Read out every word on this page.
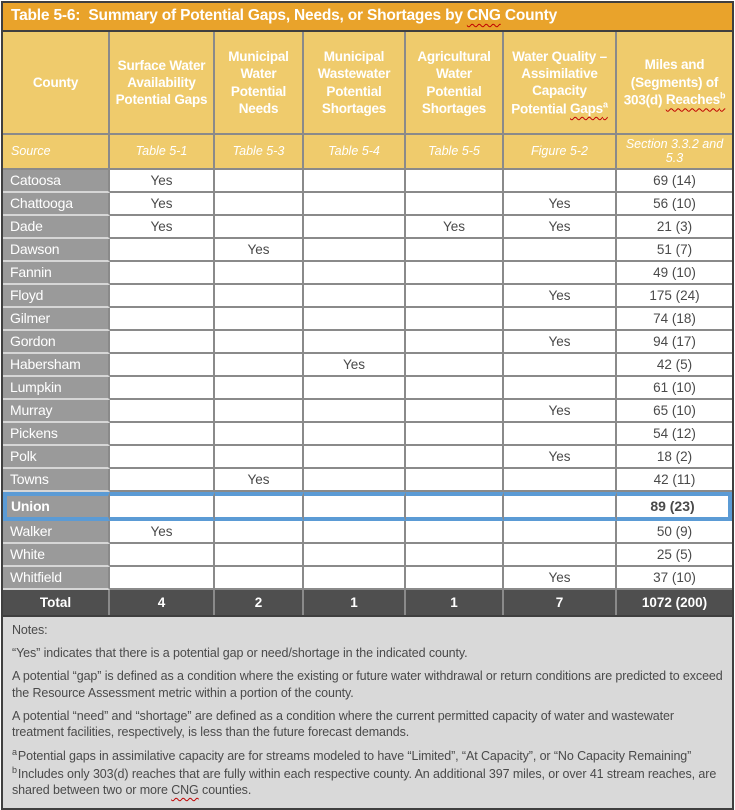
Table 5-6:  Summary of Potential Gaps, Needs, or Shortages by CNG County
County	Surface Water Availability Potential Gaps	Municipal Water Potential Needs	Municipal Wastewater Potential Shortages	Agricultural Water Potential Shortages	Water Quality – Assimilative Capacity Potential Gaps$^a$	Miles and (Segments) of 303(d) Reaches$^b$
Source	Table 5-1	Table 5-3	Table 5-4	Table 5-5	Figure 5-2	Section 3.3.2 and 5.3
Catoosa	Yes					69 (14)
Chattooga	Yes				Yes	56 (10)
Dade	Yes			Yes	Yes	21 (3)
Dawson		Yes				51 (7)
Fannin						49 (10)
Floyd					Yes	175 (24)
Gilmer						74 (18)
Gordon					Yes	94 (17)
Habersham			Yes			42 (5)
Lumpkin						61 (10)
Murray					Yes	65 (10)
Pickens						54 (12)
Polk					Yes	18 (2)
Towns		Yes				42 (11)
Union						89 (23)
Walker	Yes					50 (9)
White						25 (5)
Whitfield					Yes	37 (10)
Total	4	2	1	1	7	1072 (200)

Notes:

“Yes” indicates that there is a potential gap or need/shortage in the indicated county.

A potential “gap” is defined as a condition where the existing or future water withdrawal or return conditions are predicted to exceed the Resource Assessment metric within a portion of the county.

A potential “need” and “shortage” are defined as a condition where the current permitted capacity of water and wastewater treatment facilities, respectively, is less than the future forecast demands.

$^a$Potential gaps in assimilative capacity are for streams modeled to have “Limited”, “At Capacity”, or “No Capacity Remaining”

$^b$Includes only 303(d) reaches that are fully within each respective county. An additional 397 miles, or over 41 stream reaches, are shared between two or more CNG counties.
